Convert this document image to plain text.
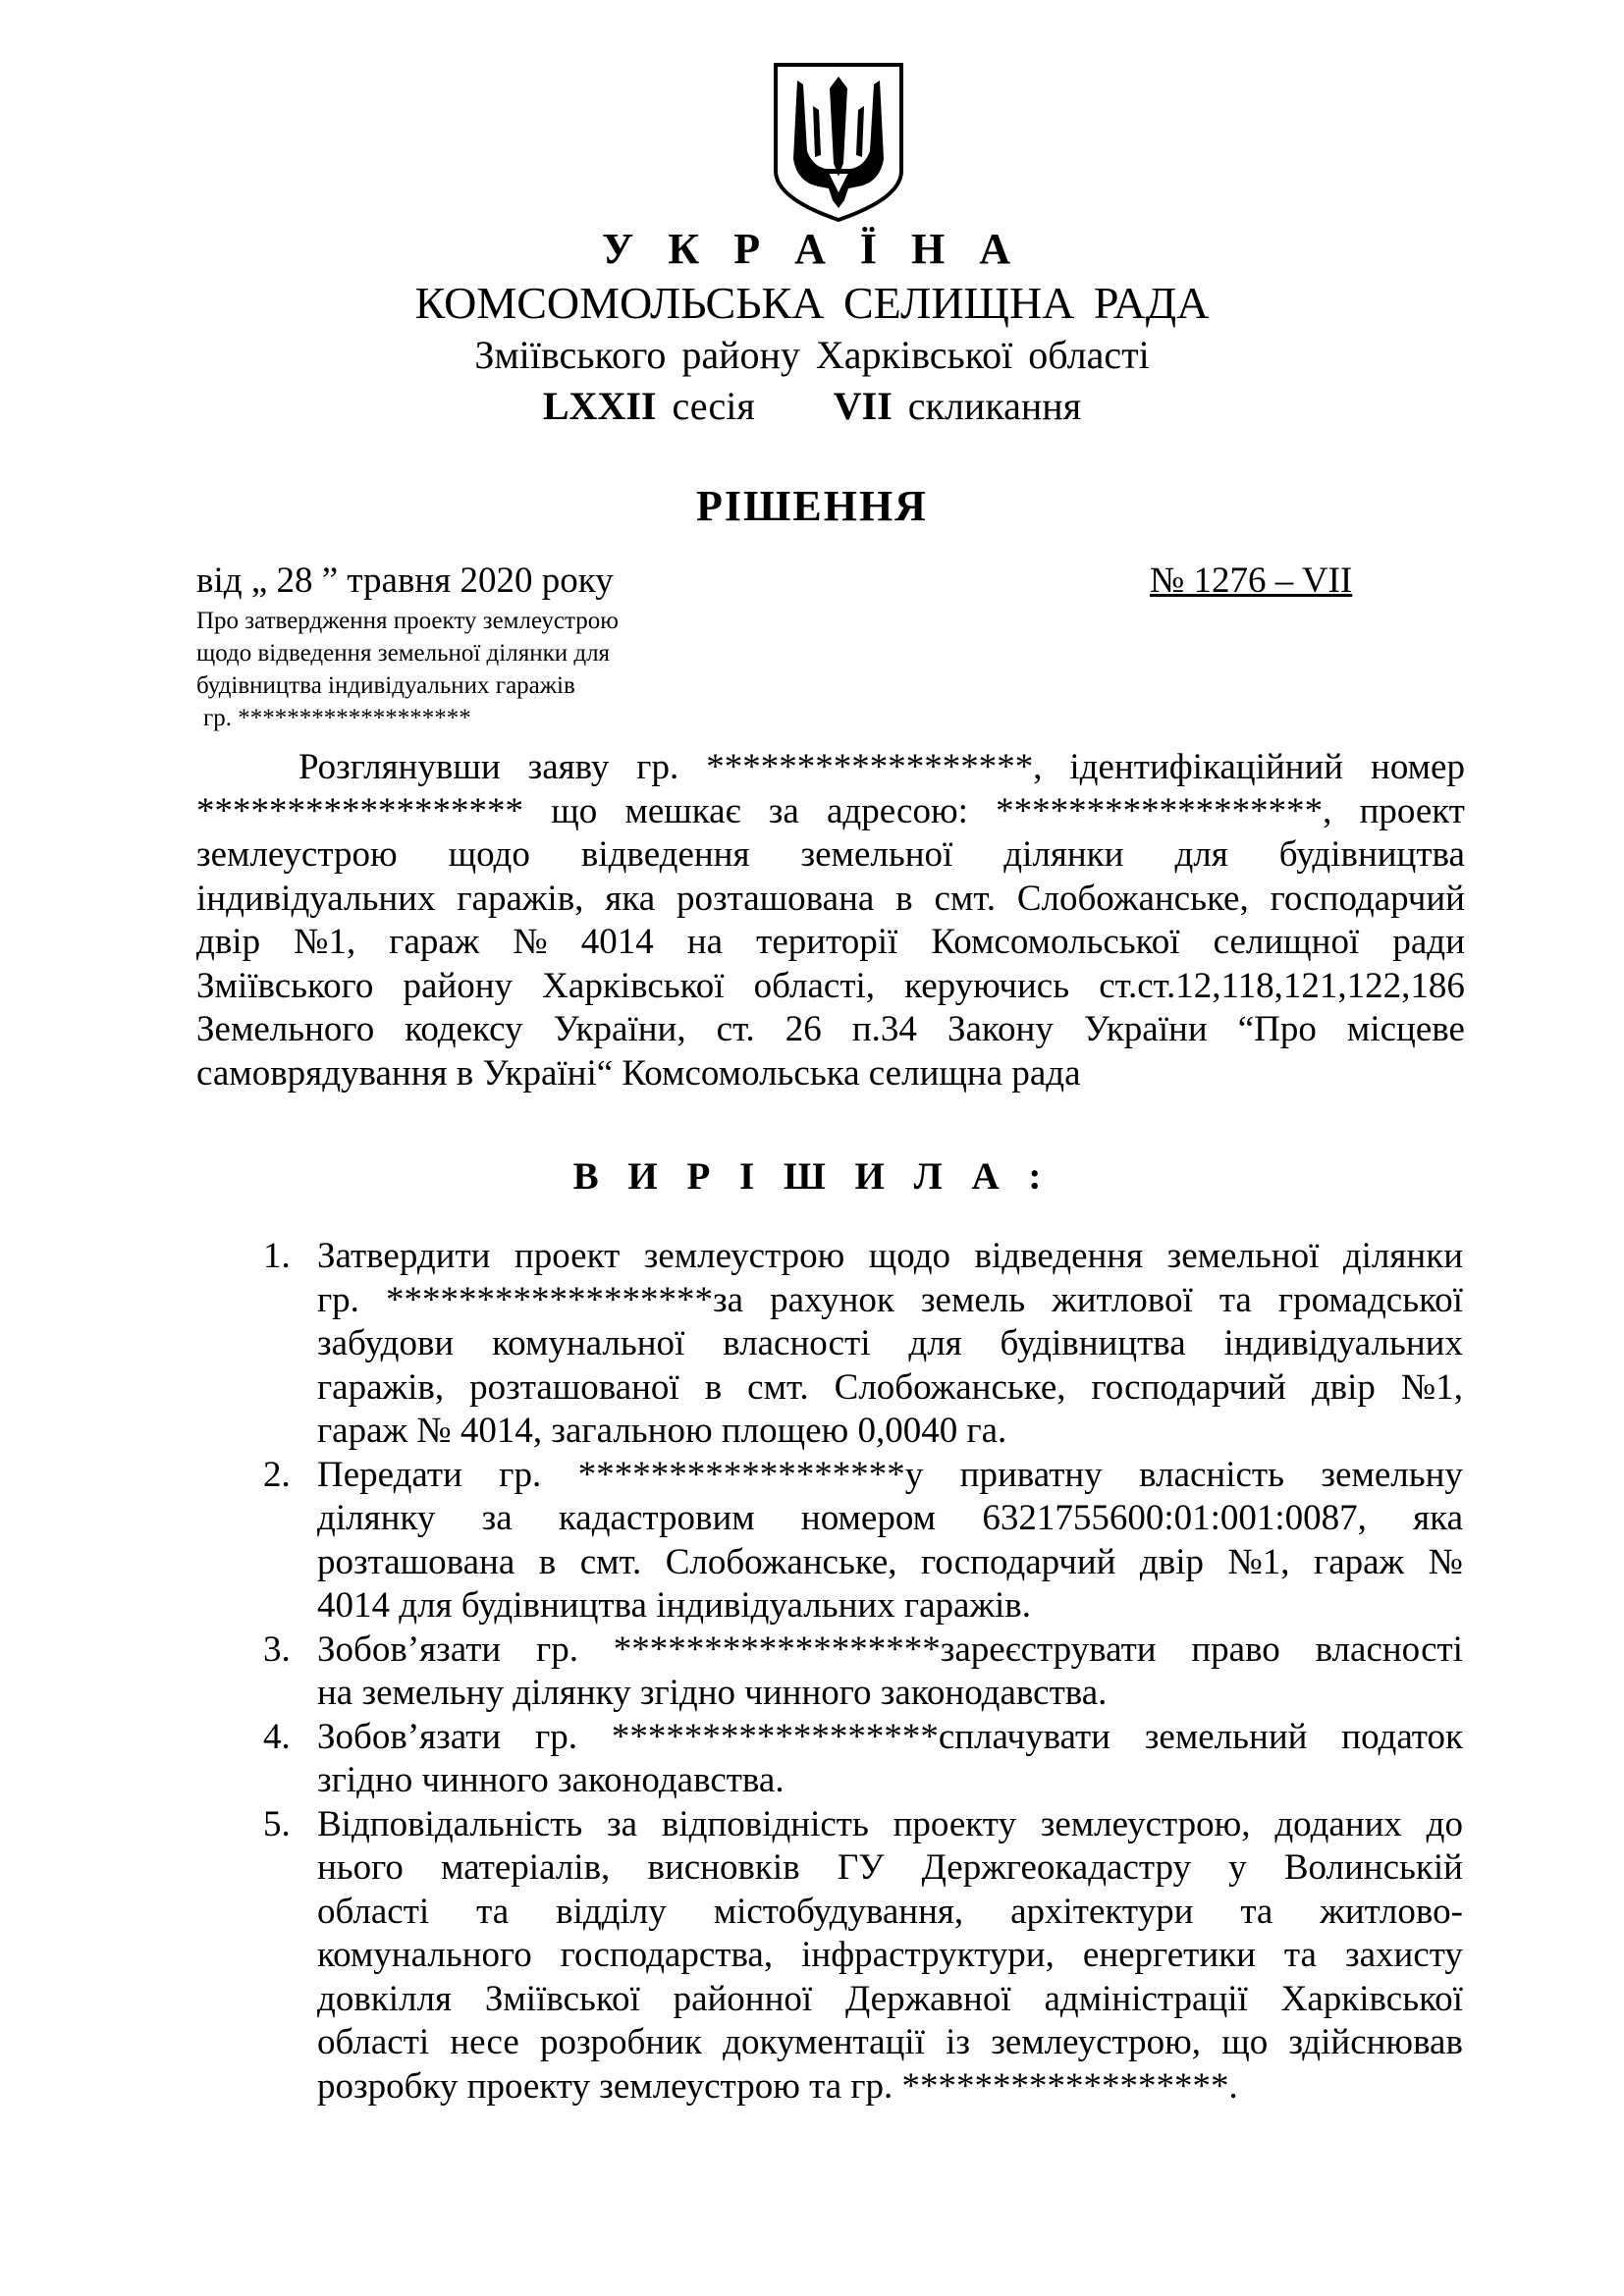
У К Р А Ї Н А
КОМСОМОЛЬСЬКА СЕЛИЩНА РАДА
Зміївського району Харківської області
LXXII сесія VII скликання
РІШЕННЯ
від „ 28 ” травня 2020 року	№ 1276 – VII
Про затвердження проекту землеустрою
щодо відведення земельної ділянки для
будівництва індивідуальних гаражів
гр. *******************
Розглянувши заяву гр. ******************, ідентифікаційний номер
****************** що мешкає за адресою: ******************, проект
землеустрою щодо відведення земельної ділянки для будівництва
індивідуальних гаражів, яка розташована в смт. Слобожанське, господарчий
двір №1, гараж № 4014 на території Комсомольської селищної ради
Зміївського району Харківської області, керуючись ст.ст.12,118,121,122,186
Земельного кодексу України, ст. 26 п.34 Закону України “Про місцеве
самоврядування в Україні“ Комсомольська селищна рада
В И Р І Ш И Л А :
1. Затвердити проект землеустрою щодо відведення земельної ділянки
гр. ******************за рахунок земель житлової та громадської
забудови комунальної власності для будівництва індивідуальних
гаражів, розташованої в смт. Слобожанське, господарчий двір №1,
гараж № 4014, загальною площею 0,0040 га.
2. Передати гр. ******************у приватну власність земельну
ділянку за кадастровим номером 6321755600:01:001:0087, яка
розташована в смт. Слобожанське, господарчий двір №1, гараж №
4014 для будівництва індивідуальних гаражів.
3. Зобов’язати гр. ******************зареєструвати право власності
на земельну ділянку згідно чинного законодавства.
4. Зобов’язати гр. ******************сплачувати земельний податок
згідно чинного законодавства.
5. Відповідальність за відповідність проекту землеустрою, доданих до
нього матеріалів, висновків ГУ Держгеокадастру у Волинській
області та відділу містобудування, архітектури та житлово-
комунального господарства, інфраструктури, енергетики та захисту
довкілля Зміївської районної Державної адміністрації Харківської
області несе розробник документації із землеустрою, що здійснював
розробку проекту землеустрою та гр. ******************.
